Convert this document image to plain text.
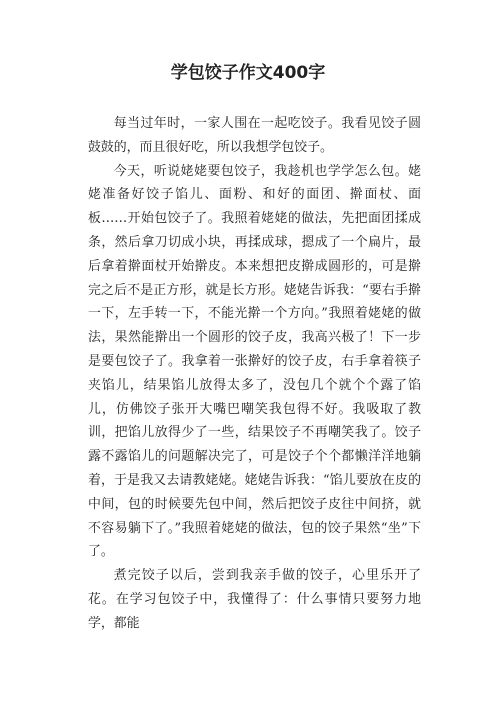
学包饺子作文400字

每当过年时，一家人围在一起吃饺子。我看见饺子圆鼓鼓的，而且很好吃，所以我想学包饺子。

今天，听说姥姥要包饺子，我趁机也学学怎么包。姥姥准备好饺子馅儿、面粉、和好的面团、擀面杖、面板……开始包饺子了。我照着姥姥的做法，先把面团揉成条，然后拿刀切成小块，再揉成球，摁成了一个扁片，最后拿着擀面杖开始擀皮。本来想把皮擀成圆形的，可是擀完之后不是正方形，就是长方形。姥姥告诉我：“要右手擀一下，左手转一下，不能光擀一个方向。”我照着姥姥的做法，果然能擀出一个圆形的饺子皮，我高兴极了！下一步是要包饺子了。我拿着一张擀好的饺子皮，右手拿着筷子夹馅儿，结果馅儿放得太多了，没包几个就个个露了馅儿，仿佛饺子张开大嘴巴嘲笑我包得不好。我吸取了教训，把馅儿放得少了一些，结果饺子不再嘲笑我了。饺子露不露馅儿的问题解决完了，可是饺子个个都懒洋洋地躺着，于是我又去请教姥姥。姥姥告诉我：“馅儿要放在皮的中间，包的时候要先包中间，然后把饺子皮往中间挤，就不容易躺下了。”我照着姥姥的做法，包的饺子果然“坐”下了。

煮完饺子以后，尝到我亲手做的饺子，心里乐开了花。在学习包饺子中，我懂得了：什么事情只要努力地学，都能
